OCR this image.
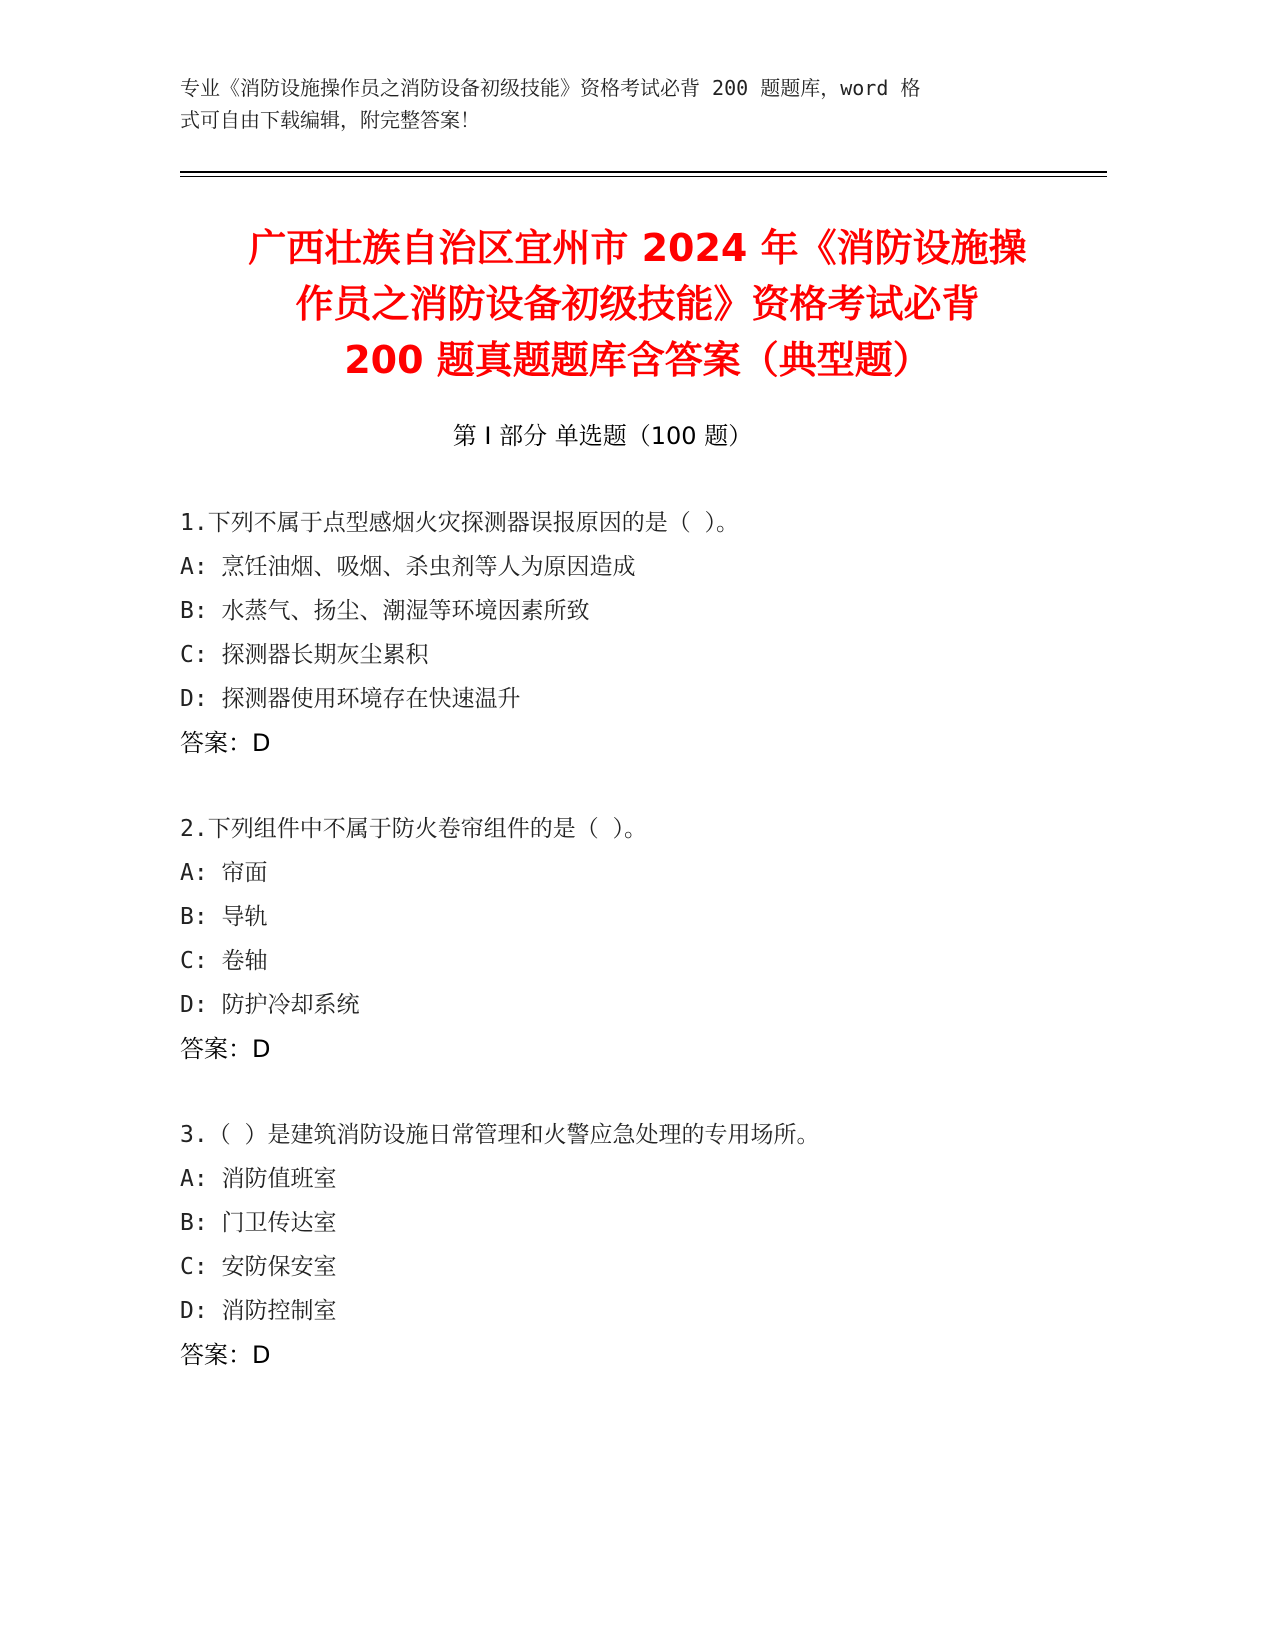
专业《消防设施操作员之消防设备初级技能》资格考试必背 200 题题库，word 格
式可自由下载编辑，附完整答案！
广西壮族自治区宜州市 2024 年《消防设施操
作员之消防设备初级技能》资格考试必背
200 题真题题库含答案（典型题）
第 I 部分 单选题（100 题）
1.下列不属于点型感烟火灾探测器误报原因的是（ ）。
A: 烹饪油烟、吸烟、杀虫剂等人为原因造成
B: 水蒸气、扬尘、潮湿等环境因素所致
C: 探测器长期灰尘累积
D: 探测器使用环境存在快速温升
答案：D
2.下列组件中不属于防火卷帘组件的是（ ）。
A: 帘面
B: 导轨
C: 卷轴
D: 防护冷却系统
答案：D
3.（ ）是建筑消防设施日常管理和火警应急处理的专用场所。
A: 消防值班室
B: 门卫传达室
C: 安防保安室
D: 消防控制室
答案：D
